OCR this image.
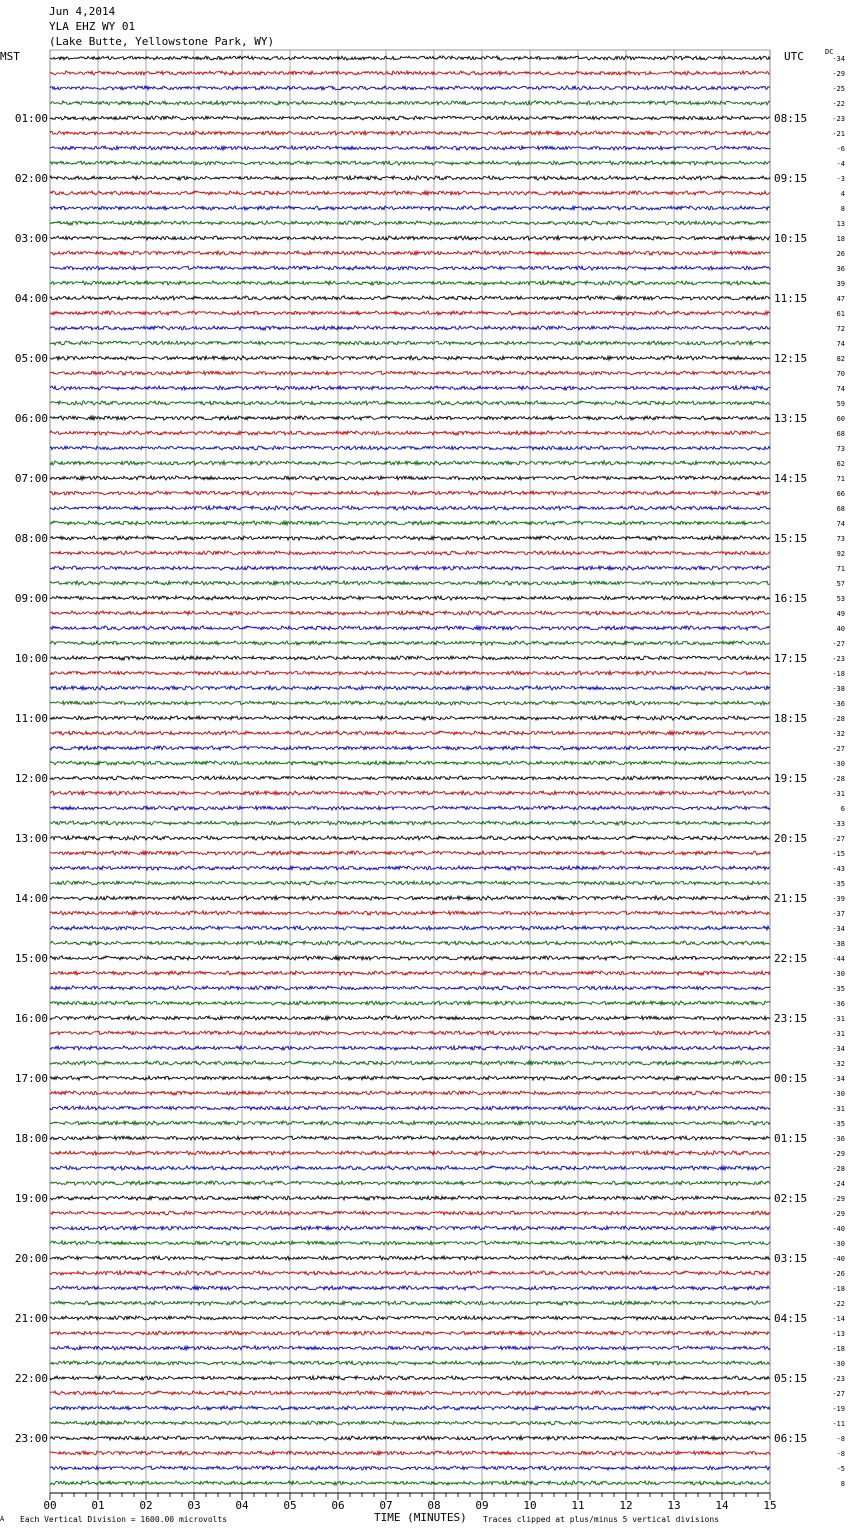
Jun 4,2014
YLA EHZ WY 01
(Lake Butte, Yellowstone Park, WY)
MST	UTC	DC
-34
-29
-25
-22
-23
-21
-6
-4
-3
4
8
13
18
26
36
39
47
61
72
74
82
70
74
59
60
68
73
62
71
66
68
74
73
92
71
57
53
49
40
-27
-23
-18
-38
-36
-28
-32
-27
-30
-28
-31
6
-33
-27
-15
-43
-35
-39
-37
-34
-38
-44
-30
-35
-36
-31
-31
-34
-32
-34
-30
-31
-35
-36
-29
-28
-24
-29
-29
-40
-30
-40
-26
-18
-22
-14
-13
-18
-30
-23
-27
-19
-11
-8
-8
-5
8
01:00
02:00
03:00
04:00
05:00
06:00
07:00
08:00
09:00
10:00
11:00
12:00
13:00
14:00
15:00
16:00
17:00
18:00
19:00
20:00
21:00
22:00
23:00
08:15
09:15
10:15
11:15
12:15
13:15
14:15
15:15
16:15
17:15
18:15
19:15
20:15
21:15
22:15
23:15
00:15
01:15
02:15
03:15
04:15
05:15
06:15
00	01	02	03	04	05	06	07	08	09	10	11	12	13	14	15
A Each Vertical Division = 1600.00 microvolts	TIME (MINUTES) Traces clipped at plus/minus 5 vertical divisions
